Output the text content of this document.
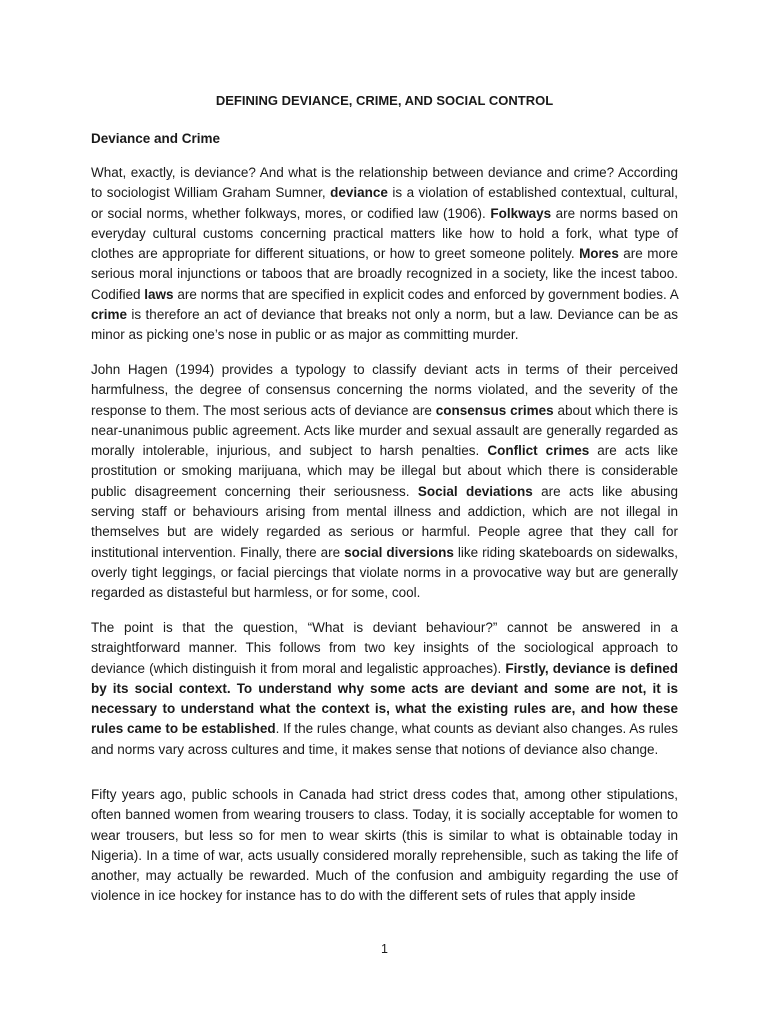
DEFINING DEVIANCE, CRIME, AND SOCIAL CONTROL
Deviance and Crime

What, exactly, is deviance? And what is the relationship between deviance and crime? According to sociologist William Graham Sumner, deviance is a violation of established contextual, cultural, or social norms, whether folkways, mores, or codified law (1906). Folkways are norms based on everyday cultural customs concerning practical matters like how to hold a fork, what type of clothes are appropriate for different situations, or how to greet someone politely. Mores are more serious moral injunctions or taboos that are broadly recognized in a society, like the incest taboo. Codified laws are norms that are specified in explicit codes and enforced by government bodies. A crime is therefore an act of deviance that breaks not only a norm, but a law. Deviance can be as minor as picking one’s nose in public or as major as committing murder.

John Hagen (1994) provides a typology to classify deviant acts in terms of their perceived harmfulness, the degree of consensus concerning the norms violated, and the severity of the response to them. The most serious acts of deviance are consensus crimes about which there is near-unanimous public agreement. Acts like murder and sexual assault are generally regarded as morally intolerable, injurious, and subject to harsh penalties. Conflict crimes are acts like prostitution or smoking marijuana, which may be illegal but about which there is considerable public disagreement concerning their seriousness. Social deviations are acts like abusing serving staff or behaviours arising from mental illness and addiction, which are not illegal in themselves but are widely regarded as serious or harmful. People agree that they call for institutional intervention. Finally, there are social diversions like riding skateboards on sidewalks, overly tight leggings, or facial piercings that violate norms in a provocative way but are generally regarded as distasteful but harmless, or for some, cool.

The point is that the question, “What is deviant behaviour?” cannot be answered in a straightforward manner. This follows from two key insights of the sociological approach to deviance (which distinguish it from moral and legalistic approaches). Firstly, deviance is defined by its social context. To understand why some acts are deviant and some are not, it is necessary to understand what the context is, what the existing rules are, and how these rules came to be established. If the rules change, what counts as deviant also changes. As rules and norms vary across cultures and time, it makes sense that notions of deviance also change.

Fifty years ago, public schools in Canada had strict dress codes that, among other stipulations, often banned women from wearing trousers to class. Today, it is socially acceptable for women to wear trousers, but less so for men to wear skirts (this is similar to what is obtainable today in Nigeria). In a time of war, acts usually considered morally reprehensible, such as taking the life of another, may actually be rewarded. Much of the confusion and ambiguity regarding the use of violence in ice hockey for instance has to do with the different sets of rules that apply inside

1
